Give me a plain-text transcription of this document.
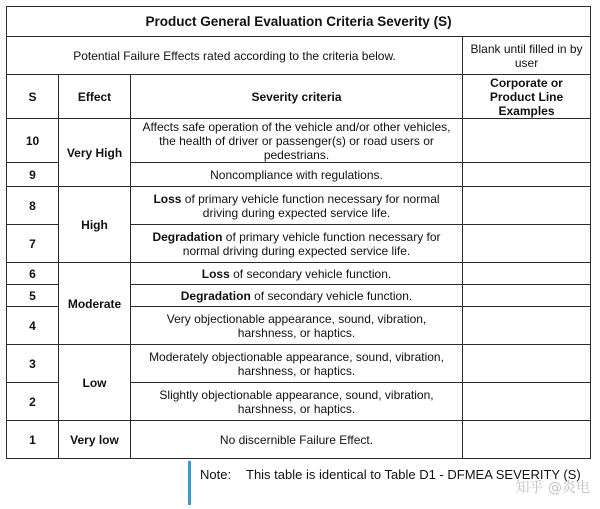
Product General Evaluation Criteria Severity (S)			
Potential Failure Effects rated according to the criteria below.			Blank until filled in by user
S	Effect	Severity criteria	Corporate or Product Line Examples
10	Very High	Affects safe operation of the vehicle and/or other vehicles, the health of driver or passenger(s) or road users or pedestrians.	
9		Noncompliance with regulations.	
8	High	Loss of primary vehicle function necessary for normal driving during expected service life.	
7		Degradation of primary vehicle function necessary for normal driving during expected service life.	
6	Moderate	Loss of secondary vehicle function.	
5		Degradation of secondary vehicle function.	
4		Very objectionable appearance, sound, vibration, harshness, or haptics.	
3	Low	Moderately objectionable appearance, sound, vibration, harshness, or haptics.	
2		Slightly objectionable appearance, sound, vibration, harshness, or haptics.	
1	Very low	No discernible Failure Effect.	
Note: This table is identical to Table D1 - DFMEA SEVERITY (S)
知乎 @炎电
